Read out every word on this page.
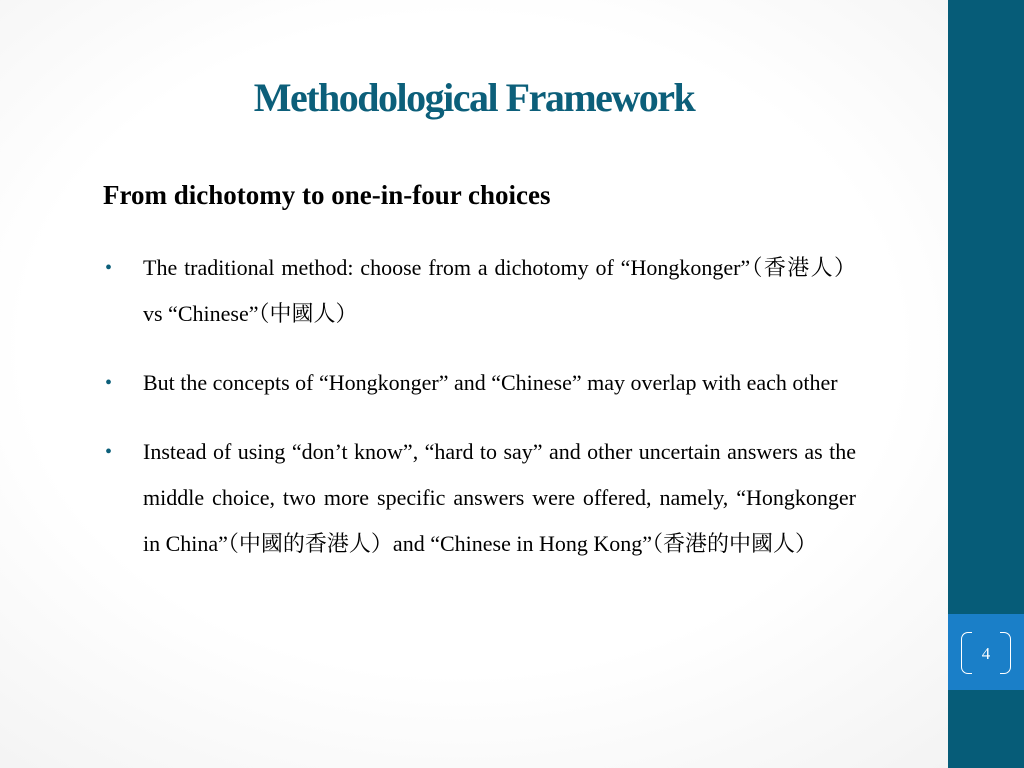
Methodological Framework
From dichotomy to one-in-four choices
• The traditional method: choose from a dichotomy of “Hongkonger”（香港人） vs “Chinese”（中國人）
• But the concepts of “Hongkonger” and “Chinese” may overlap with each other
• Instead of using “don’t know”, “hard to say” and other uncertain answers as the middle choice, two more specific answers were offered, namely, “Hongkonger in China”（中國的香港人）and “Chinese in Hong Kong”（香港的中國人）
4
